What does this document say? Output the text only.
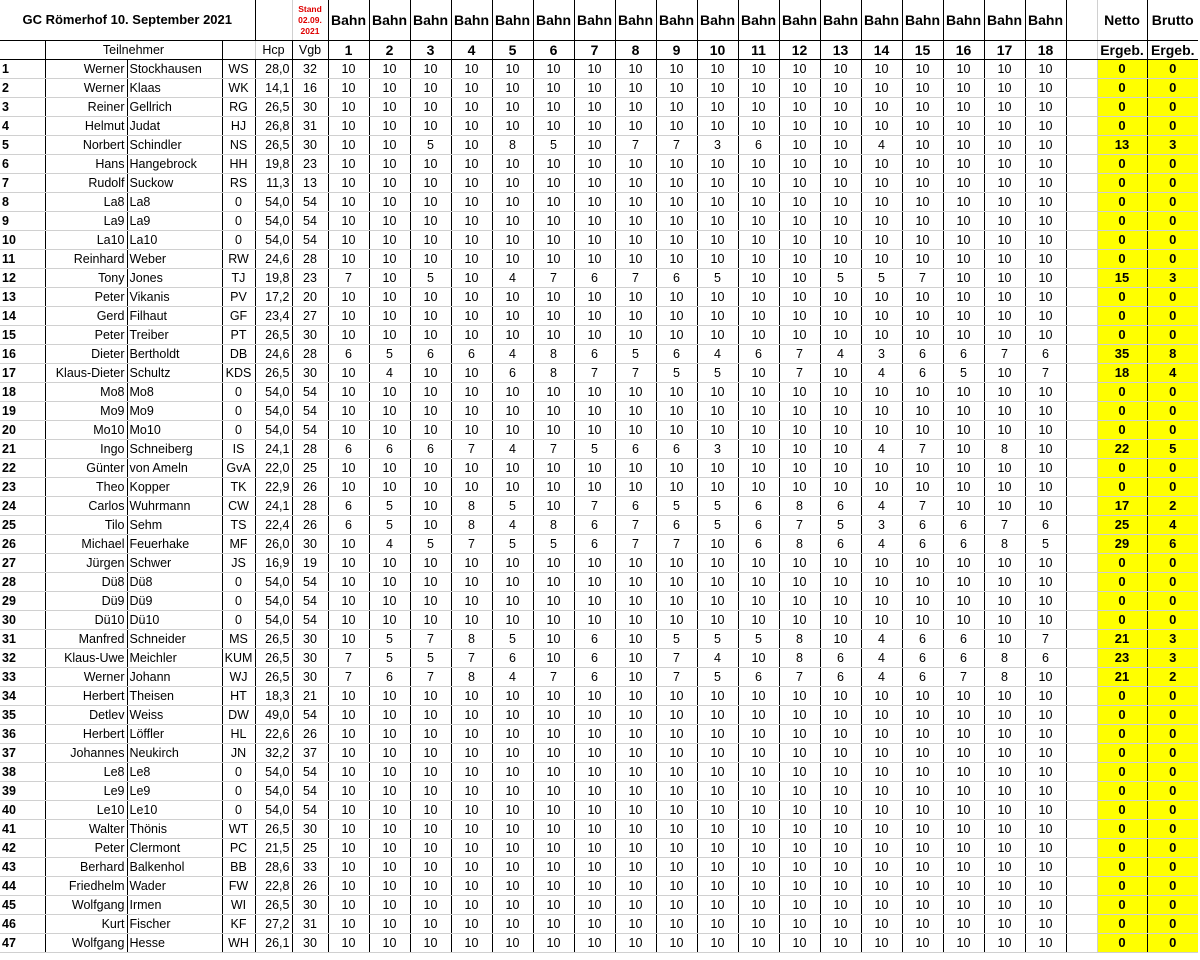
GC Römerhof 10. September 2021					Stand
02.09.
2021	Bahn	Bahn	Bahn	Bahn	Bahn	Bahn	Bahn	Bahn	Bahn	Bahn	Bahn	Bahn	Bahn	Bahn	Bahn	Bahn	Bahn	Bahn		Netto	Brutto
	Teilnehmer			Hcp	Vgb	1	2	3	4	5	6	7	8	9	10	11	12	13	14	15	16	17	18		Ergeb.	Ergeb.
1	Werner	Stockhausen	WS	28,0	32	10	10	10	10	10	10	10	10	10	10	10	10	10	10	10	10	10	10		0	0
2	Werner	Klaas	WK	14,1	16	10	10	10	10	10	10	10	10	10	10	10	10	10	10	10	10	10	10		0	0
3	Reiner	Gellrich	RG	26,5	30	10	10	10	10	10	10	10	10	10	10	10	10	10	10	10	10	10	10		0	0
4	Helmut	Judat	HJ	26,8	31	10	10	10	10	10	10	10	10	10	10	10	10	10	10	10	10	10	10		0	0
5	Norbert	Schindler	NS	26,5	30	10	10	5	10	8	5	10	7	7	3	6	10	10	4	10	10	10	10		13	3
6	Hans	Hangebrock	HH	19,8	23	10	10	10	10	10	10	10	10	10	10	10	10	10	10	10	10	10	10		0	0
7	Rudolf	Suckow	RS	11,3	13	10	10	10	10	10	10	10	10	10	10	10	10	10	10	10	10	10	10		0	0
8	La8	La8	0	54,0	54	10	10	10	10	10	10	10	10	10	10	10	10	10	10	10	10	10	10		0	0
9	La9	La9	0	54,0	54	10	10	10	10	10	10	10	10	10	10	10	10	10	10	10	10	10	10		0	0
10	La10	La10	0	54,0	54	10	10	10	10	10	10	10	10	10	10	10	10	10	10	10	10	10	10		0	0
11	Reinhard	Weber	RW	24,6	28	10	10	10	10	10	10	10	10	10	10	10	10	10	10	10	10	10	10		0	0
12	Tony	Jones	TJ	19,8	23	7	10	5	10	4	7	6	7	6	5	10	10	5	5	7	10	10	10		15	3
13	Peter	Vikanis	PV	17,2	20	10	10	10	10	10	10	10	10	10	10	10	10	10	10	10	10	10	10		0	0
14	Gerd	Filhaut	GF	23,4	27	10	10	10	10	10	10	10	10	10	10	10	10	10	10	10	10	10	10		0	0
15	Peter	Treiber	PT	26,5	30	10	10	10	10	10	10	10	10	10	10	10	10	10	10	10	10	10	10		0	0
16	Dieter	Bertholdt	DB	24,6	28	6	5	6	6	4	8	6	5	6	4	6	7	4	3	6	6	7	6		35	8
17	Klaus-Dieter	Schultz	KDS	26,5	30	10	4	10	10	6	8	7	7	5	5	10	7	10	4	6	5	10	7		18	4
18	Mo8	Mo8	0	54,0	54	10	10	10	10	10	10	10	10	10	10	10	10	10	10	10	10	10	10		0	0
19	Mo9	Mo9	0	54,0	54	10	10	10	10	10	10	10	10	10	10	10	10	10	10	10	10	10	10		0	0
20	Mo10	Mo10	0	54,0	54	10	10	10	10	10	10	10	10	10	10	10	10	10	10	10	10	10	10		0	0
21	Ingo	Schneiberg	IS	24,1	28	6	6	6	7	4	7	5	6	6	3	10	10	10	4	7	10	8	10		22	5
22	Günter	von Ameln	GvA	22,0	25	10	10	10	10	10	10	10	10	10	10	10	10	10	10	10	10	10	10		0	0
23	Theo	Kopper	TK	22,9	26	10	10	10	10	10	10	10	10	10	10	10	10	10	10	10	10	10	10		0	0
24	Carlos	Wuhrmann	CW	24,1	28	6	5	10	8	5	10	7	6	5	5	6	8	6	4	7	10	10	10		17	2
25	Tilo	Sehm	TS	22,4	26	6	5	10	8	4	8	6	7	6	5	6	7	5	3	6	6	7	6		25	4
26	Michael	Feuerhake	MF	26,0	30	10	4	5	7	5	5	6	7	7	10	6	8	6	4	6	6	8	5		29	6
27	Jürgen	Schwer	JS	16,9	19	10	10	10	10	10	10	10	10	10	10	10	10	10	10	10	10	10	10		0	0
28	Dü8	Dü8	0	54,0	54	10	10	10	10	10	10	10	10	10	10	10	10	10	10	10	10	10	10		0	0
29	Dü9	Dü9	0	54,0	54	10	10	10	10	10	10	10	10	10	10	10	10	10	10	10	10	10	10		0	0
30	Dü10	Dü10	0	54,0	54	10	10	10	10	10	10	10	10	10	10	10	10	10	10	10	10	10	10		0	0
31	Manfred	Schneider	MS	26,5	30	10	5	7	8	5	10	6	10	5	5	5	8	10	4	6	6	10	7		21	3
32	Klaus-Uwe	Meichler	KUM	26,5	30	7	5	5	7	6	10	6	10	7	4	10	8	6	4	6	6	8	6		23	3
33	Werner	Johann	WJ	26,5	30	7	6	7	8	4	7	6	10	7	5	6	7	6	4	6	7	8	10		21	2
34	Herbert	Theisen	HT	18,3	21	10	10	10	10	10	10	10	10	10	10	10	10	10	10	10	10	10	10		0	0
35	Detlev	Weiss	DW	49,0	54	10	10	10	10	10	10	10	10	10	10	10	10	10	10	10	10	10	10		0	0
36	Herbert	Löffler	HL	22,6	26	10	10	10	10	10	10	10	10	10	10	10	10	10	10	10	10	10	10		0	0
37	Johannes	Neukirch	JN	32,2	37	10	10	10	10	10	10	10	10	10	10	10	10	10	10	10	10	10	10		0	0
38	Le8	Le8	0	54,0	54	10	10	10	10	10	10	10	10	10	10	10	10	10	10	10	10	10	10		0	0
39	Le9	Le9	0	54,0	54	10	10	10	10	10	10	10	10	10	10	10	10	10	10	10	10	10	10		0	0
40	Le10	Le10	0	54,0	54	10	10	10	10	10	10	10	10	10	10	10	10	10	10	10	10	10	10		0	0
41	Walter	Thönis	WT	26,5	30	10	10	10	10	10	10	10	10	10	10	10	10	10	10	10	10	10	10		0	0
42	Peter	Clermont	PC	21,5	25	10	10	10	10	10	10	10	10	10	10	10	10	10	10	10	10	10	10		0	0
43	Berhard	Balkenhol	BB	28,6	33	10	10	10	10	10	10	10	10	10	10	10	10	10	10	10	10	10	10		0	0
44	Friedhelm	Wader	FW	22,8	26	10	10	10	10	10	10	10	10	10	10	10	10	10	10	10	10	10	10		0	0
45	Wolfgang	Irmen	WI	26,5	30	10	10	10	10	10	10	10	10	10	10	10	10	10	10	10	10	10	10		0	0
46	Kurt	Fischer	KF	27,2	31	10	10	10	10	10	10	10	10	10	10	10	10	10	10	10	10	10	10		0	0
47	Wolfgang	Hesse	WH	26,1	30	10	10	10	10	10	10	10	10	10	10	10	10	10	10	10	10	10	10		0	0
